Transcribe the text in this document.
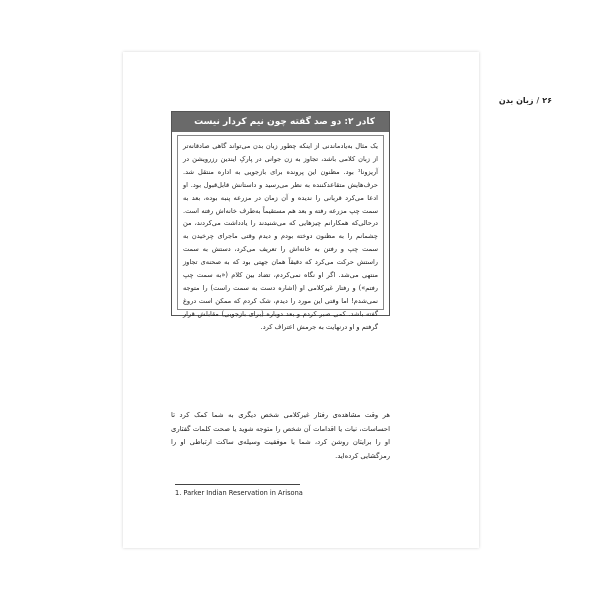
۲۶
/
زبان بدن
کادر ۲: دو صد گفته چون نیم کردار نیست

یک مثال به‌یادماندنی از اینکه چطور زبان بدن می‌تواند گاهی صادقانه‌تر از زبان کلامی باشد، تجاوز به زن جوانی در پارکِ ایندین رزرویشن در آریزونا¹ بود. مظنون این پرونده برای بازجویی به اداره منتقل شد. حرف‌هایش متقاعدکننده به نظر می‌رسید و داستانش قابل‌قبول بود. او ادعا می‌کرد قربانی را ندیده و آن زمان در مزرعه پنبه بوده، بعد به سمت چپ مزرعه رفته و بعد هم مستقیماً به‌طرف خانه‌اش رفته است. درحالی‌که همکارانم چیزهایی که می‌شنیدند را یادداشت می‌کردند، من چشمانم را به مظنون دوخته بودم و دیدم وقتی ماجرای چرخیدن به سمت چپ و رفتن به خانه‌اش را تعریف می‌کرد، دستش به سمت راستش حرکت می‌کرد که دقیقاً همان جهتی بود که به صحنه‌ی تجاوز منتهی می‌شد. اگر او نگاه نمی‌کردم، تضاد بین کلام («به سمت چپ رفتم») و رفتار غیرکلامی او (اشاره دست به سمت راست) را متوجه نمی‌شدم! اما وقتی این مورد را دیدم، شک کردم که ممکن است دروغ گفته باشد. کمی صبر کردم و بعد دوباره (برای بازجویی) مقابلش قرار گرفتم و او درنهایت به جرمش اعتراف کرد.

هر وقت مشاهده‌ی رفتار غیرکلامی شخص دیگری به شما کمک کرد تا احساسات، نیات یا اقدامات آن شخص را متوجه شوید یا صحت کلمات گفتاری او را برایتان روشن کرد، شما با موفقیت وسیله‌ی ساکت ارتباطی او را رمزگشایی کرده‌اید.

1. Parker Indian Reservation in Arisona
